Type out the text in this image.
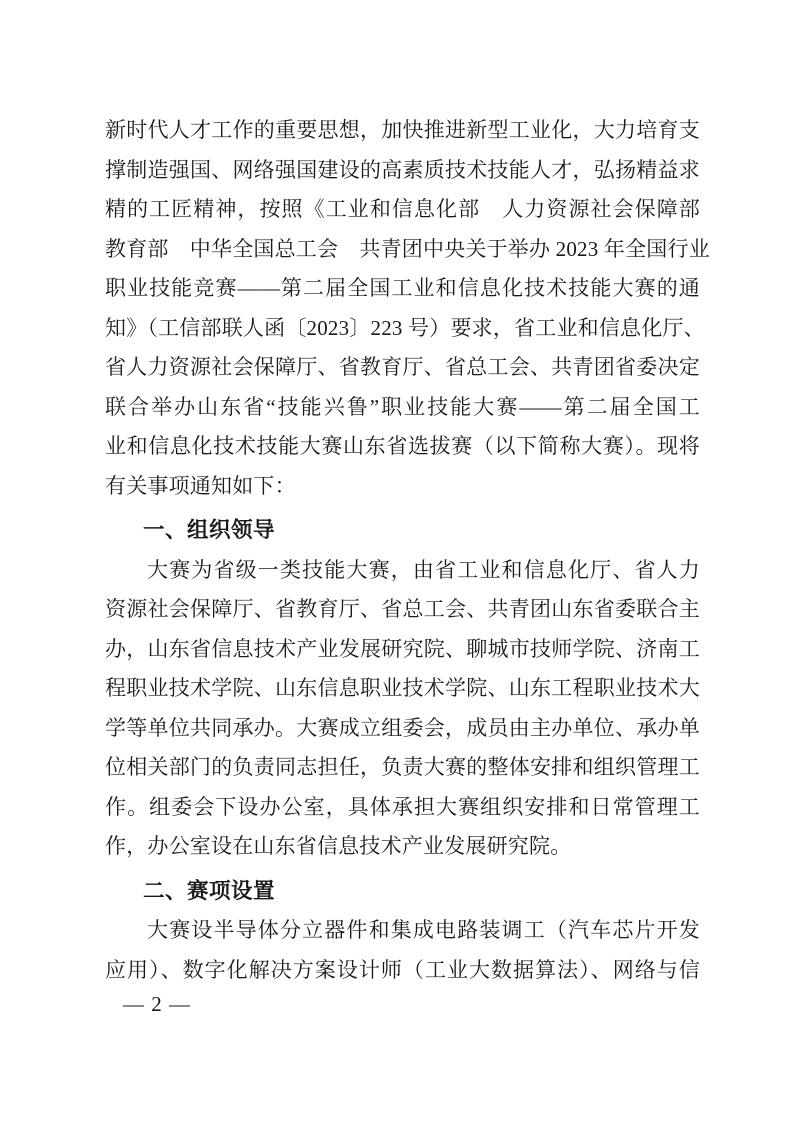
新时代人才工作的重要思想，加快推进新型工业化，大力培育支
撑制造强国、网络强国建设的高素质技术技能人才，弘扬精益求
精的工匠精神，按照《工业和信息化部　人力资源社会保障部
教育部　中华全国总工会　共青团中央关于举办 2023 年全国行业
职业技能竞赛——第二届全国工业和信息化技术技能大赛的通
知》（工信部联人函〔2023〕223 号）要求，省工业和信息化厅、
省人力资源社会保障厅、省教育厅、省总工会、共青团省委决定
联合举办山东省“技能兴鲁”职业技能大赛——第二届全国工
业和信息化技术技能大赛山东省选拔赛（以下简称大赛）。现将
有关事项通知如下：
一、组织领导
大赛为省级一类技能大赛，由省工业和信息化厅、省人力
资源社会保障厅、省教育厅、省总工会、共青团山东省委联合主
办，山东省信息技术产业发展研究院、聊城市技师学院、济南工
程职业技术学院、山东信息职业技术学院、山东工程职业技术大
学等单位共同承办。大赛成立组委会，成员由主办单位、承办单
位相关部门的负责同志担任，负责大赛的整体安排和组织管理工
作。组委会下设办公室，具体承担大赛组织安排和日常管理工
作，办公室设在山东省信息技术产业发展研究院。
二、赛项设置
大赛设半导体分立器件和集成电路装调工（汽车芯片开发
应用）、数字化解决方案设计师（工业大数据算法）、网络与信
— 2 —
